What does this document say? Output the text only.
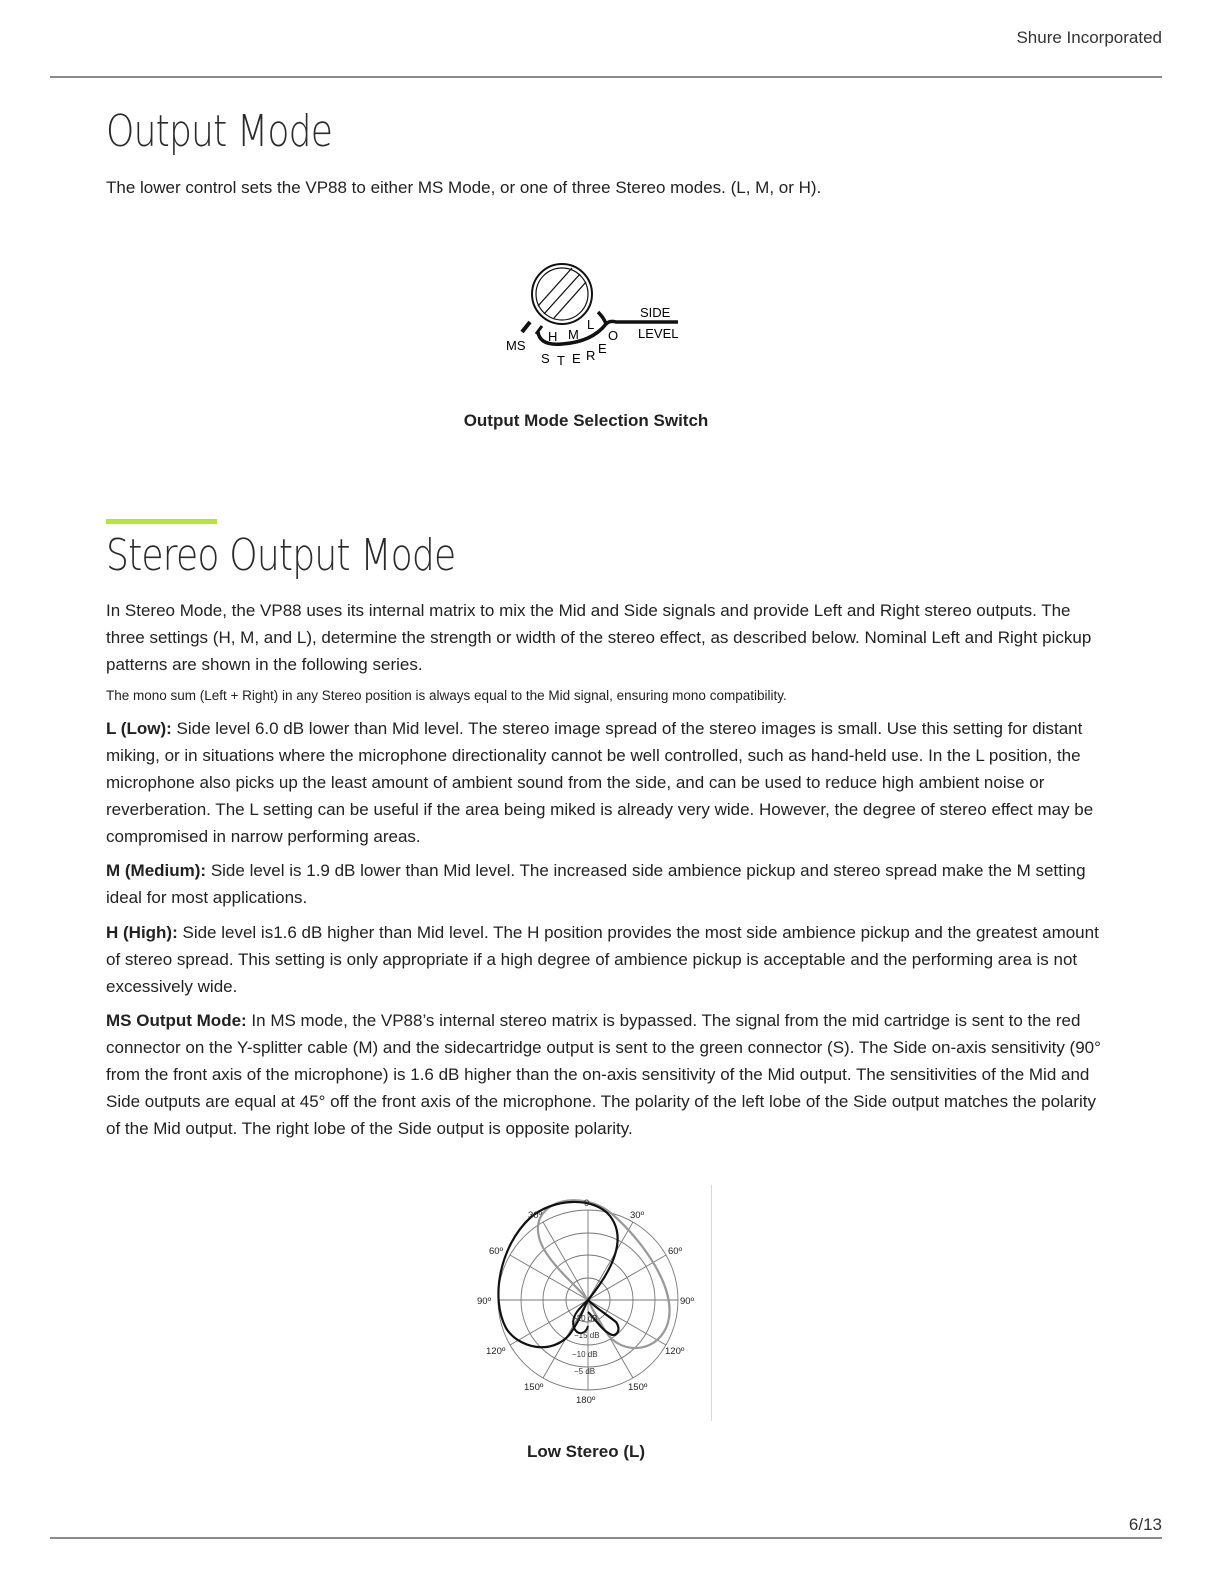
Shure Incorporated
Output Mode
The lower control sets the VP88 to either MS Mode, or one of three Stereo modes. (L, M, or H).
SIDE
LEVEL
MS
H M
L
O
S T E R E
Output Mode Selection Switch
Stereo Output Mode

In Stereo Mode, the VP88 uses its internal matrix to mix the Mid and Side signals and provide Left and Right stereo outputs. The three settings (H, M, and L), determine the strength or width of the stereo effect, as described below. Nominal Left and Right pickup patterns are shown in the following series.

The mono sum (Left + Right) in any Stereo position is always equal to the Mid signal, ensuring mono compatibility.

L (Low): Side level 6.0 dB lower than Mid level. The stereo image spread of the stereo images is small. Use this setting for distant miking, or in situations where the microphone directionality cannot be well controlled, such as hand-held use. In the L position, the microphone also picks up the least amount of ambient sound from the side, and can be used to reduce high ambient noise or reverberation. The L setting can be useful if the area being miked is already very wide. However, the degree of stereo effect may be compromised in narrow performing areas.

M (Medium): Side level is 1.9 dB lower than Mid level. The increased side ambience pickup and stereo spread make the M setting ideal for most applications.

H (High): Side level is1.6 dB higher than Mid level. The H position provides the most side ambience pickup and the greatest amount of stereo spread. This setting is only appropriate if a high degree of ambience pickup is acceptable and the performing area is not excessively wide.

MS Output Mode: In MS mode, the VP88’s internal stereo matrix is bypassed. The signal from the mid cartridge is sent to the red connector on the Y-splitter cable (M) and the sidecartridge output is sent to the green connector (S). The Side on-axis sensitivity (90° from the front axis of the microphone) is 1.6 dB higher than the on-axis sensitivity of the Mid output. The sensitivities of the Mid and Side outputs are equal at 45° off the front axis of the microphone. The polarity of the left lobe of the Side output matches the polarity of the Mid output. The right lobe of the Side output is opposite polarity.

0
30º	30º
60º	60º
90º	90º
120º	120º
150º	150º
180º
−20 dB
−15 dB
−10 dB
−5 dB
Low Stereo (L)
6/13
